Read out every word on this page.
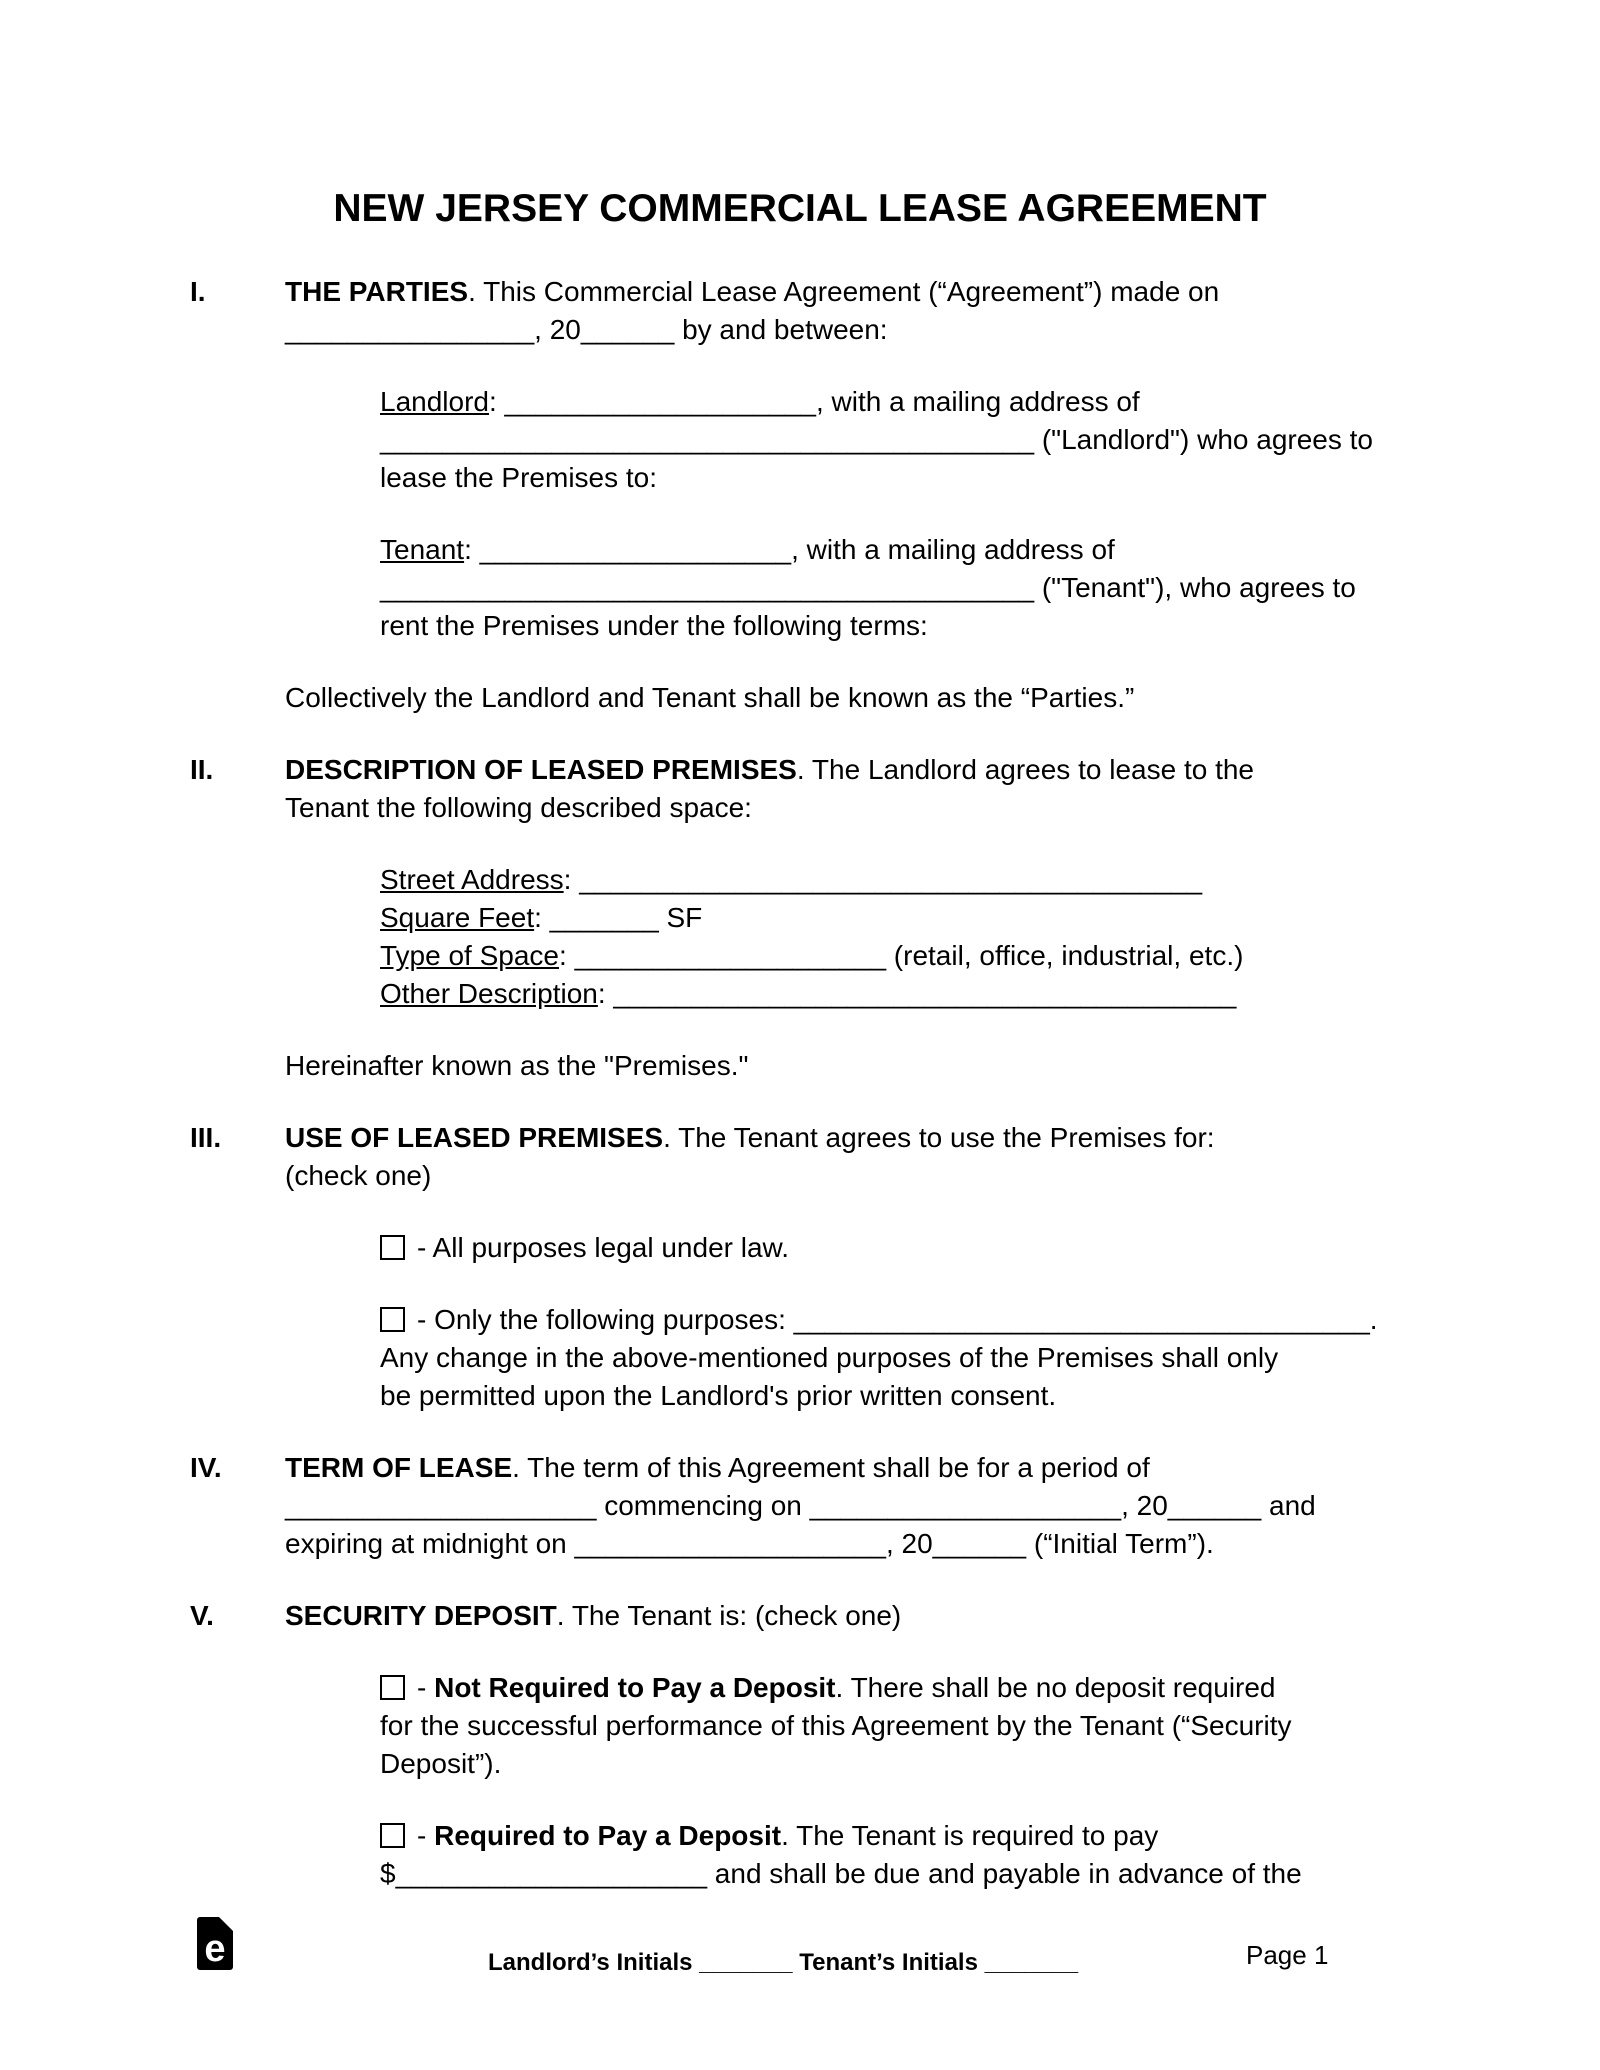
NEW JERSEY COMMERCIAL LEASE AGREEMENT
I.	THE PARTIES. This Commercial Lease Agreement (“Agreement”) made on
________________, 20______ by and between:
Landlord: ____________________, with a mailing address of
__________________________________________ ("Landlord") who agrees to
lease the Premises to:
Tenant: ____________________, with a mailing address of
__________________________________________ ("Tenant"), who agrees to
rent the Premises under the following terms:
Collectively the Landlord and Tenant shall be known as the “Parties.”
II.	DESCRIPTION OF LEASED PREMISES. The Landlord agrees to lease to the
Tenant the following described space:
Street Address: ________________________________________
Square Feet: _______ SF
Type of Space: ____________________ (retail, office, industrial, etc.)
Other Description: ________________________________________
Hereinafter known as the "Premises."
III.	USE OF LEASED PREMISES. The Tenant agrees to use the Premises for:
(check one)
- All purposes legal under law.
- Only the following purposes: _____________________________________.
Any change in the above-mentioned purposes of the Premises shall only
be permitted upon the Landlord's prior written consent.
IV.	TERM OF LEASE. The term of this Agreement shall be for a period of
____________________ commencing on ____________________, 20______ and
expiring at midnight on ____________________, 20______ (“Initial Term”).
V.	SECURITY DEPOSIT. The Tenant is: (check one)
- Not Required to Pay a Deposit. There shall be no deposit required
for the successful performance of this Agreement by the Tenant (“Security
Deposit”).
- Required to Pay a Deposit. The Tenant is required to pay
$____________________ and shall be due and payable in advance of the
e	Landlord’s Initials _______ Tenant’s Initials _______	Page 1
